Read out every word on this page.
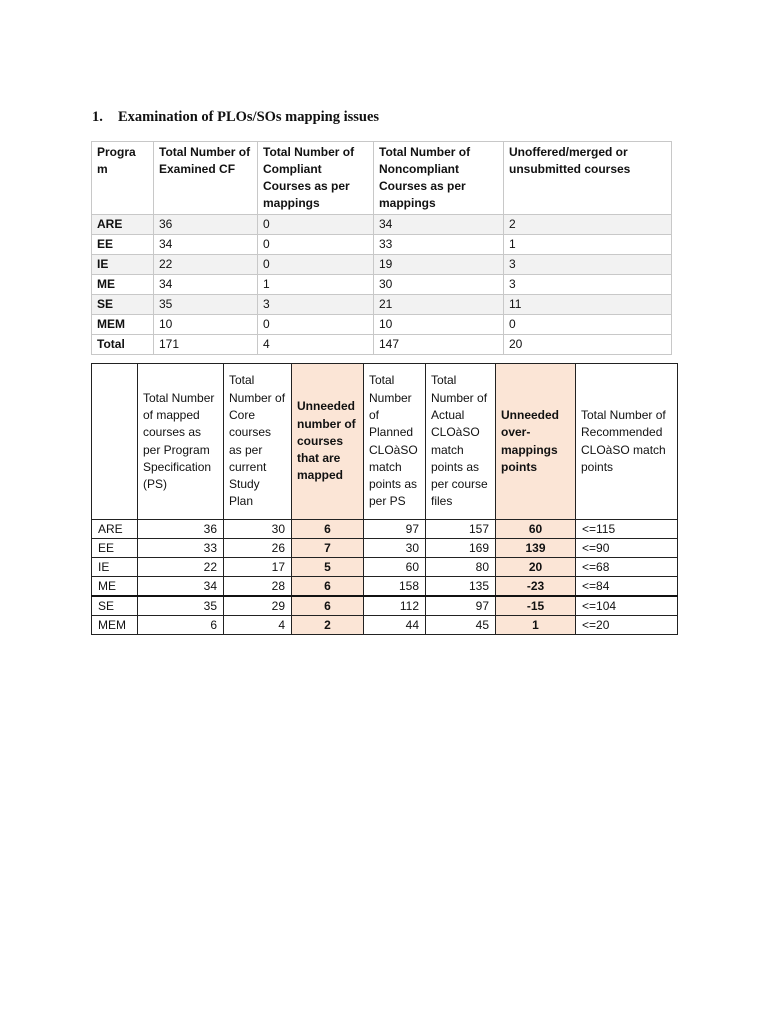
1. Examination of PLOs/SOs mapping issues
Progra m	Total Number of Examined CF	Total Number of Compliant Courses as per mappings	Total Number of Noncompliant Courses as per mappings	Unoffered/merged or unsubmitted courses
ARE	36	0	34	2
EE	34	0	33	1
IE	22	0	19	3
ME	34	1	30	3
SE	35	3	21	11
MEM	10	0	10	0
Total	171	4	147	20
	Total Number of mapped courses as per Program Specification (PS)	Total Number of Core courses as per current Study Plan	Unneeded number of courses that are mapped	Total Number of Planned CLOàSO match points as per PS	Total Number of Actual CLOàSO match points as per course files	Unneeded over-mappings points	Total Number of Recommended CLOàSO match points
ARE	36	30	6	97	157	60	<=115
EE	33	26	7	30	169	139	<=90
IE	22	17	5	60	80	20	<=68
ME	34	28	6	158	135	-23	<=84
SE	35	29	6	112	97	-15	<=104
MEM	6	4	2	44	45	1	<=20
